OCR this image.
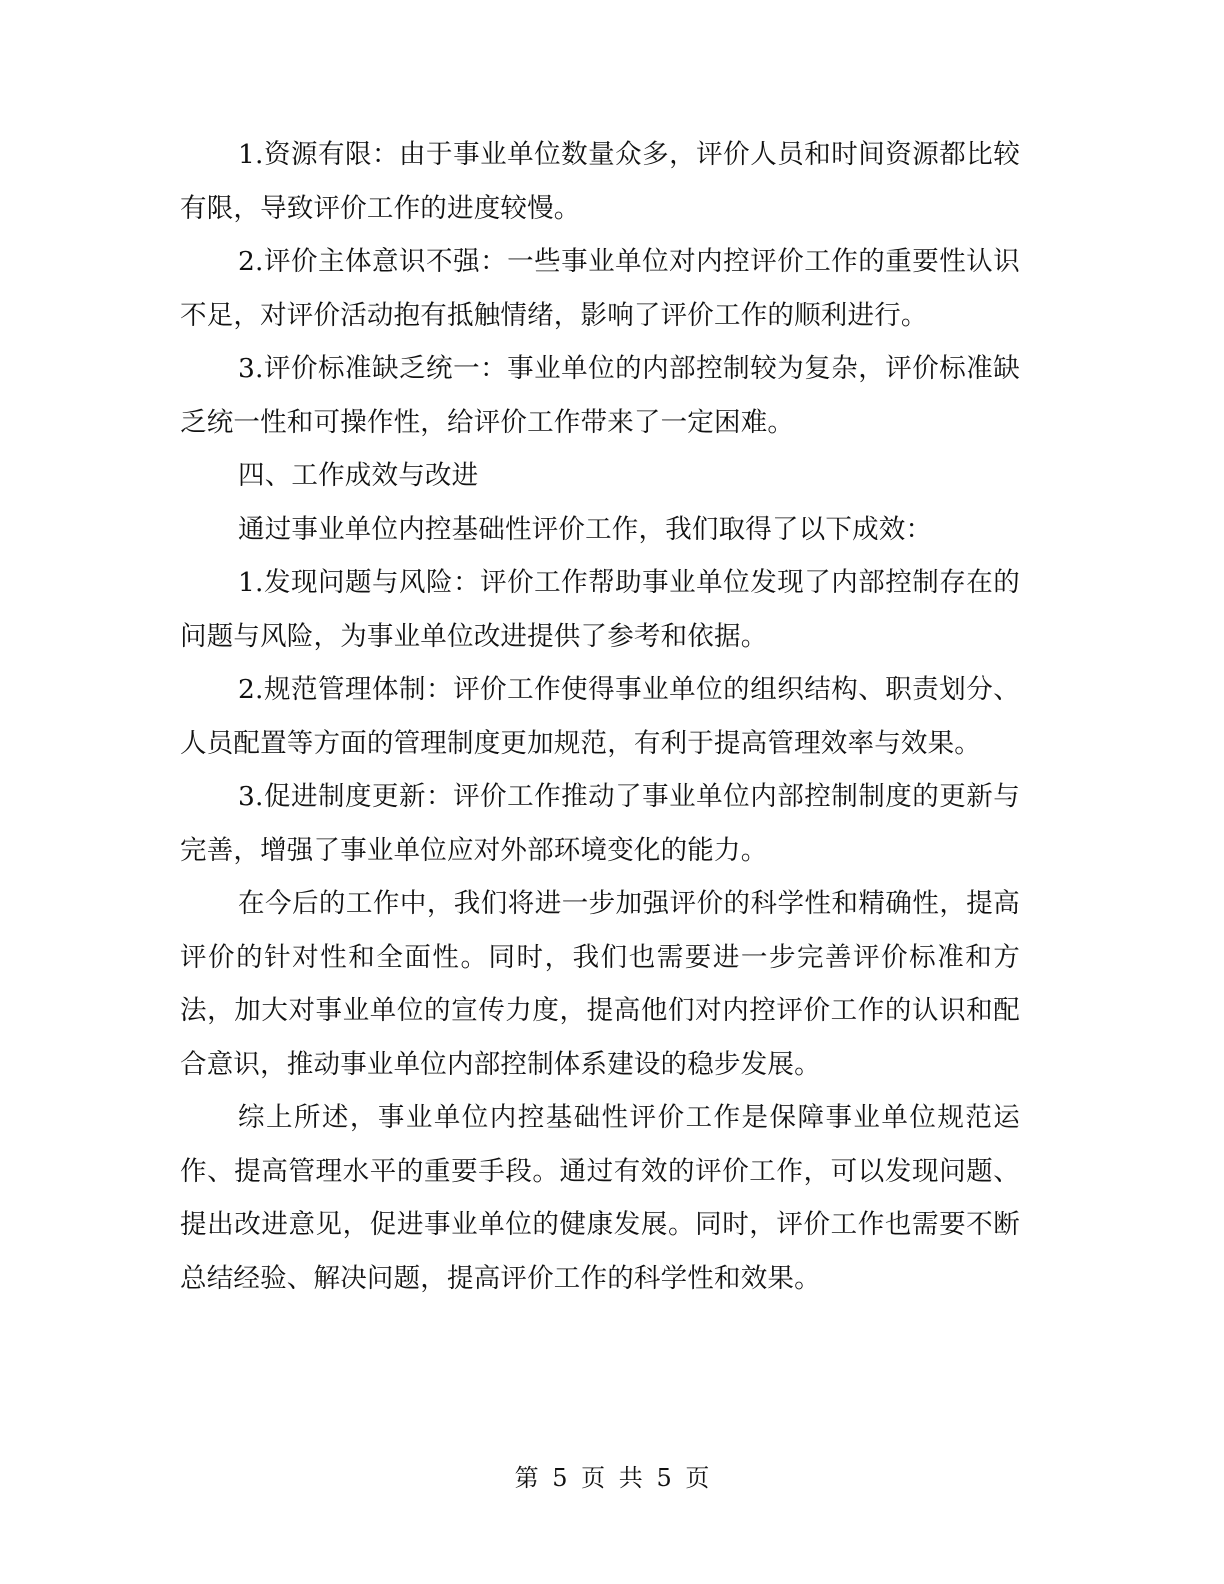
1.资源有限：由于事业单位数量众多，评价人员和时间资源都比较有限，导致评价工作的进度较慢。

2.评价主体意识不强：一些事业单位对内控评价工作的重要性认识不足，对评价活动抱有抵触情绪，影响了评价工作的顺利进行。

3.评价标准缺乏统一：事业单位的内部控制较为复杂，评价标准缺乏统一性和可操作性，给评价工作带来了一定困难。

四、工作成效与改进

通过事业单位内控基础性评价工作，我们取得了以下成效：

1.发现问题与风险：评价工作帮助事业单位发现了内部控制存在的问题与风险，为事业单位改进提供了参考和依据。

2.规范管理体制：评价工作使得事业单位的组织结构、职责划分、人员配置等方面的管理制度更加规范，有利于提高管理效率与效果。

3.促进制度更新：评价工作推动了事业单位内部控制制度的更新与完善，增强了事业单位应对外部环境变化的能力。

在今后的工作中，我们将进一步加强评价的科学性和精确性，提高评价的针对性和全面性。同时，我们也需要进一步完善评价标准和方法，加大对事业单位的宣传力度，提高他们对内控评价工作的认识和配合意识，推动事业单位内部控制体系建设的稳步发展。

综上所述，事业单位内控基础性评价工作是保障事业单位规范运作、提高管理水平的重要手段。通过有效的评价工作，可以发现问题、提出改进意见，促进事业单位的健康发展。同时，评价工作也需要不断总结经验、解决问题，提高评价工作的科学性和效果。

第 5 页 共 5 页
